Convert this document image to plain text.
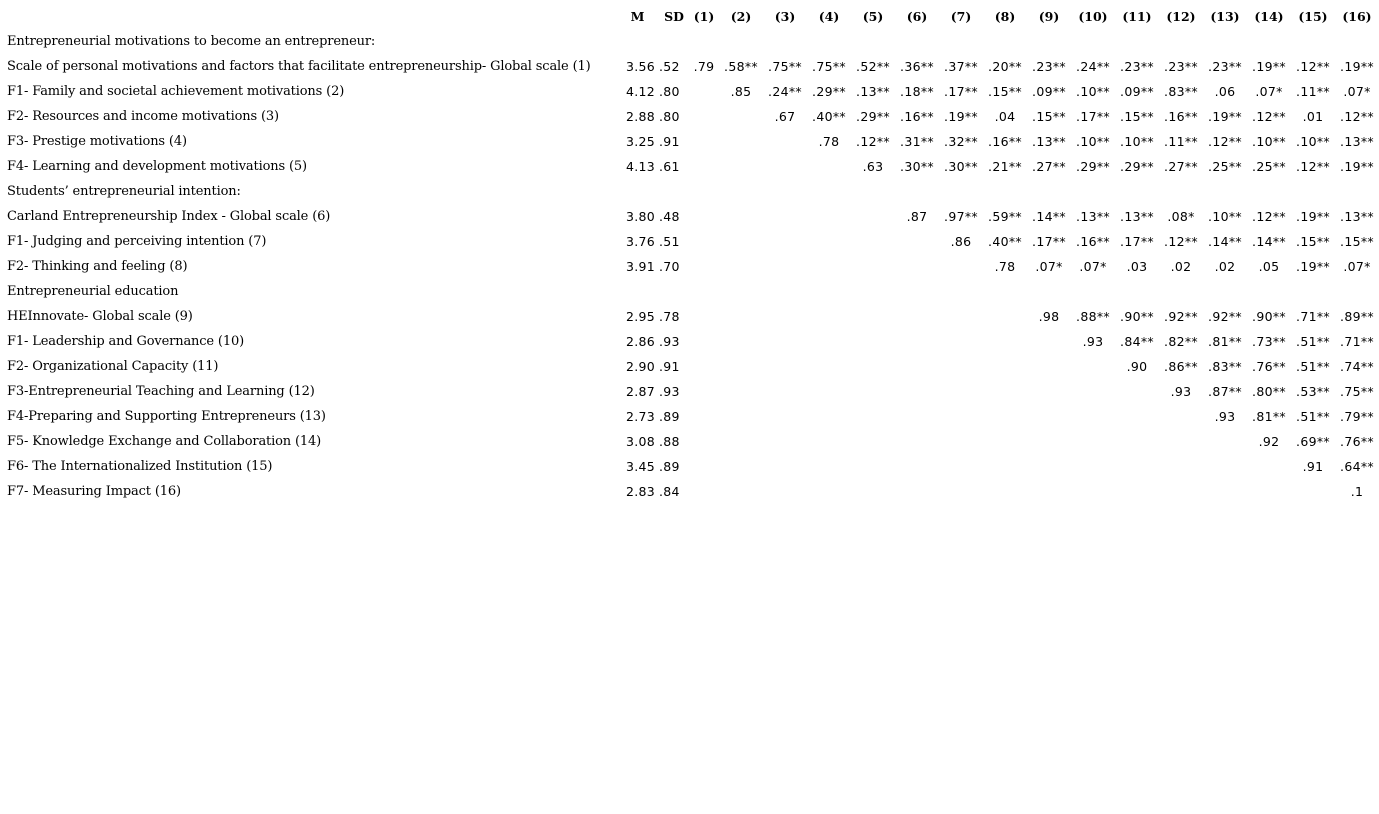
	M	SD	(1)	(2)	(3)	(4)	(5)	(6)	(7)	(8)	(9)	(10)	(11)	(12)	(13)	(14)	(15)	(16)
Entrepreneurial motivations to become an entrepreneur:																		
Scale of personal motivations and factors that facilitate entrepreneurship- Global scale (1)	3.56	.52	.79	.58**	.75**	.75**	.52**	.36**	.37**	.20**	.23**	.24**	.23**	.23**	.23**	.19**	.12**	.19**
F1- Family and societal achievement motivations (2)	4.12	.80		.85	.24**	.29**	.13**	.18**	.17**	.15**	.09**	.10**	.09**	.83**	.06	.07*	.11**	.07*
F2- Resources and income motivations (3)	2.88	.80			.67	.40**	.29**	.16**	.19**	.04	.15**	.17**	.15**	.16**	.19**	.12**	.01	.12**
F3- Prestige motivations (4)	3.25	.91				.78	.12**	.31**	.32**	.16**	.13**	.10**	.10**	.11**	.12**	.10**	.10**	.13**
F4- Learning and development motivations (5)	4.13	.61					.63	.30**	.30**	.21**	.27**	.29**	.29**	.27**	.25**	.25**	.12**	.19**
Students’ entrepreneurial intention:																		
Carland Entrepreneurship Index - Global scale (6)	3.80	.48						.87	.97**	.59**	.14**	.13**	.13**	.08*	.10**	.12**	.19**	.13**
F1- Judging and perceiving intention (7)	3.76	.51							.86	.40**	.17**	.16**	.17**	.12**	.14**	.14**	.15**	.15**
F2- Thinking and feeling (8)	3.91	.70								.78	.07*	.07*	.03	.02	.02	.05	.19**	.07*
Entrepreneurial education																		
HEInnovate- Global scale (9)	2.95	.78									.98	.88**	.90**	.92**	.92**	.90**	.71**	.89**
F1- Leadership and Governance (10)	2.86	.93										.93	.84**	.82**	.81**	.73**	.51**	.71**
F2- Organizational Capacity (11)	2.90	.91											.90	.86**	.83**	.76**	.51**	.74**
F3-Entrepreneurial Teaching and Learning (12)	2.87	.93												.93	.87**	.80**	.53**	.75**
F4-Preparing and Supporting Entrepreneurs (13)	2.73	.89													.93	.81**	.51**	.79**
F5- Knowledge Exchange and Collaboration (14)	3.08	.88														.92	.69**	.76**
F6- The Internationalized Institution (15)	3.45	.89															.91	.64**
F7- Measuring Impact (16)	2.83	.84																.1
